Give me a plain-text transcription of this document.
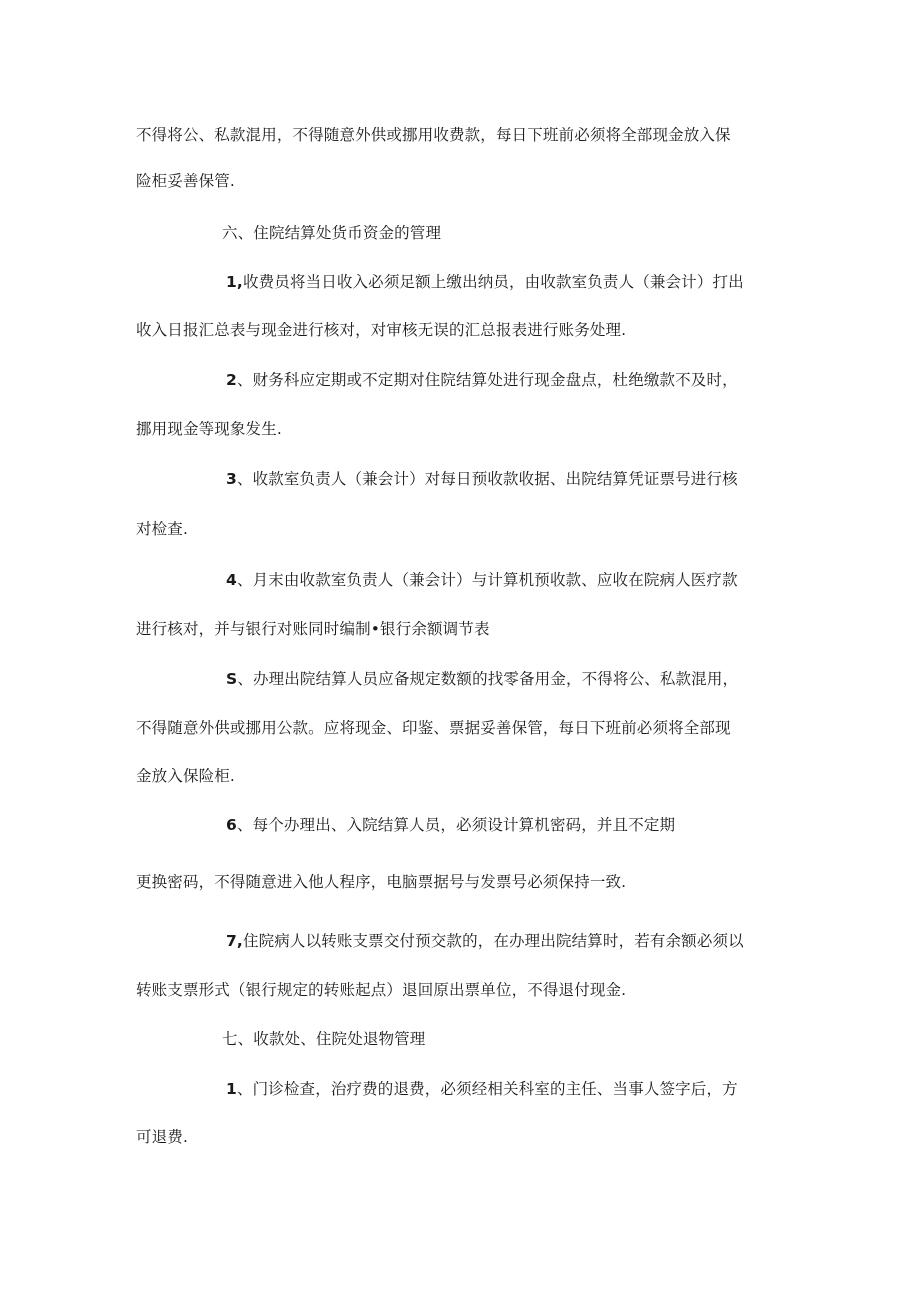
不得将公、私款混用，不得随意外供或挪用收费款，每日下班前必须将全部现金放入保
险柜妥善保管.
六、住院结算处货币资金的管理
1,收费员将当日收入必须足额上缴出纳员，由收款室负责人（兼会计）打出
收入日报汇总表与现金进行核对，对审核无误的汇总报表进行账务处理.
2、财务科应定期或不定期对住院结算处进行现金盘点，杜绝缴款不及时，
挪用现金等现象发生.
3、收款室负责人（兼会计）对每日预收款收据、出院结算凭证票号进行核
对检查.
4、月末由收款室负责人（兼会计）与计算机预收款、应收在院病人医疗款
进行核对，并与银行对账同时编制•银行余额调节表
S、办理出院结算人员应备规定数额的找零备用金，不得将公、私款混用，
不得随意外供或挪用公款。应将现金、印鉴、票据妥善保管，每日下班前必须将全部现
金放入保险柜.
6、每个办理出、入院结算人员，必须设计算机密码，并且不定期
更换密码，不得随意进入他人程序，电脑票据号与发票号必须保持一致.
7,住院病人以转账支票交付预交款的，在办理出院结算时，若有余额必须以
转账支票形式（银行规定的转账起点）退回原出票单位，不得退付现金.
七、收款处、住院处退物管理
1、门诊检查，治疗费的退费，必须经相关科室的主任、当事人签字后，方
可退费.
